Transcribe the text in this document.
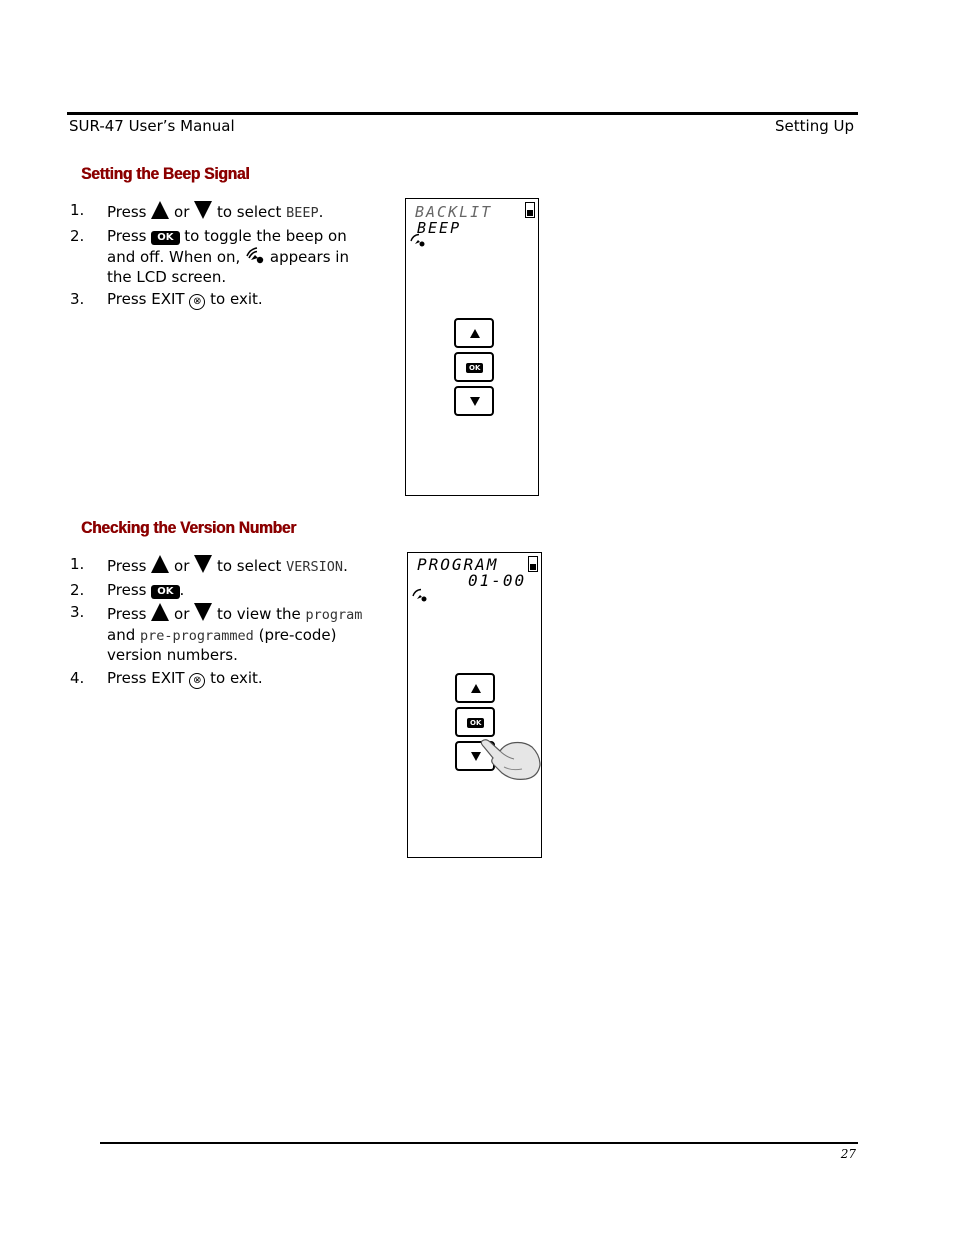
SUR-47 User’s Manual	Setting Up
Setting the Beep Signal
1. Press or to select BEEP.
2. Press OK to toggle the beep on and off. When on, appears in the LCD screen.
3. Press EXIT ⊗ to exit.
BACKLIT
BEEP
OK
Checking the Version Number
1. Press or to select VERSION.
2. Press OK .
3. Press or to view the program and pre-programmed (pre-code) version numbers.
4. Press EXIT ⊗ to exit.
PROGRAM
01-00
OK
27
